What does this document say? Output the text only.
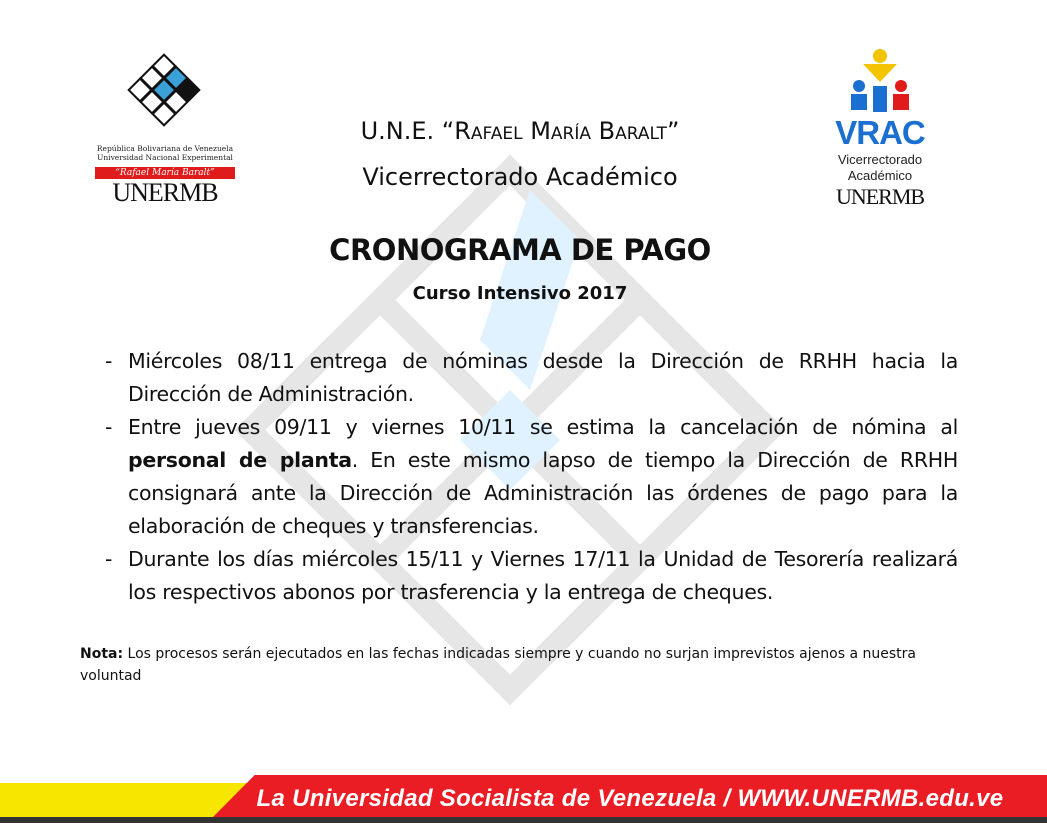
República Bolivariana de Venezuela
Universidad Nacional Experimental
“Rafael María Baralt”
UNERMB
VRAC
Vicerrectorado
Académico
UNERMB
U.N.E. “Rafael María Baralt”
Vicerrectorado Académico
CRONOGRAMA DE PAGO
Curso Intensivo 2017
- Miércoles 08/11 entrega de nóminas desde la Dirección de RRHH hacia la Dirección de Administración.
- Entre jueves 09/11 y viernes 10/11 se estima la cancelación de nómina al personal de planta. En este mismo lapso de tiempo la Dirección de RRHH consignará ante la Dirección de Administración las órdenes de pago para la elaboración de cheques y transferencias.
- Durante los días miércoles 15/11 y Viernes 17/11 la Unidad de Tesorería realizará los respectivos abonos por trasferencia y la entrega de cheques.
Nota: Los procesos serán ejecutados en las fechas indicadas siempre y cuando no surjan imprevistos ajenos a nuestra voluntad
La Universidad Socialista de Venezuela / WWW.UNERMB.edu.ve
